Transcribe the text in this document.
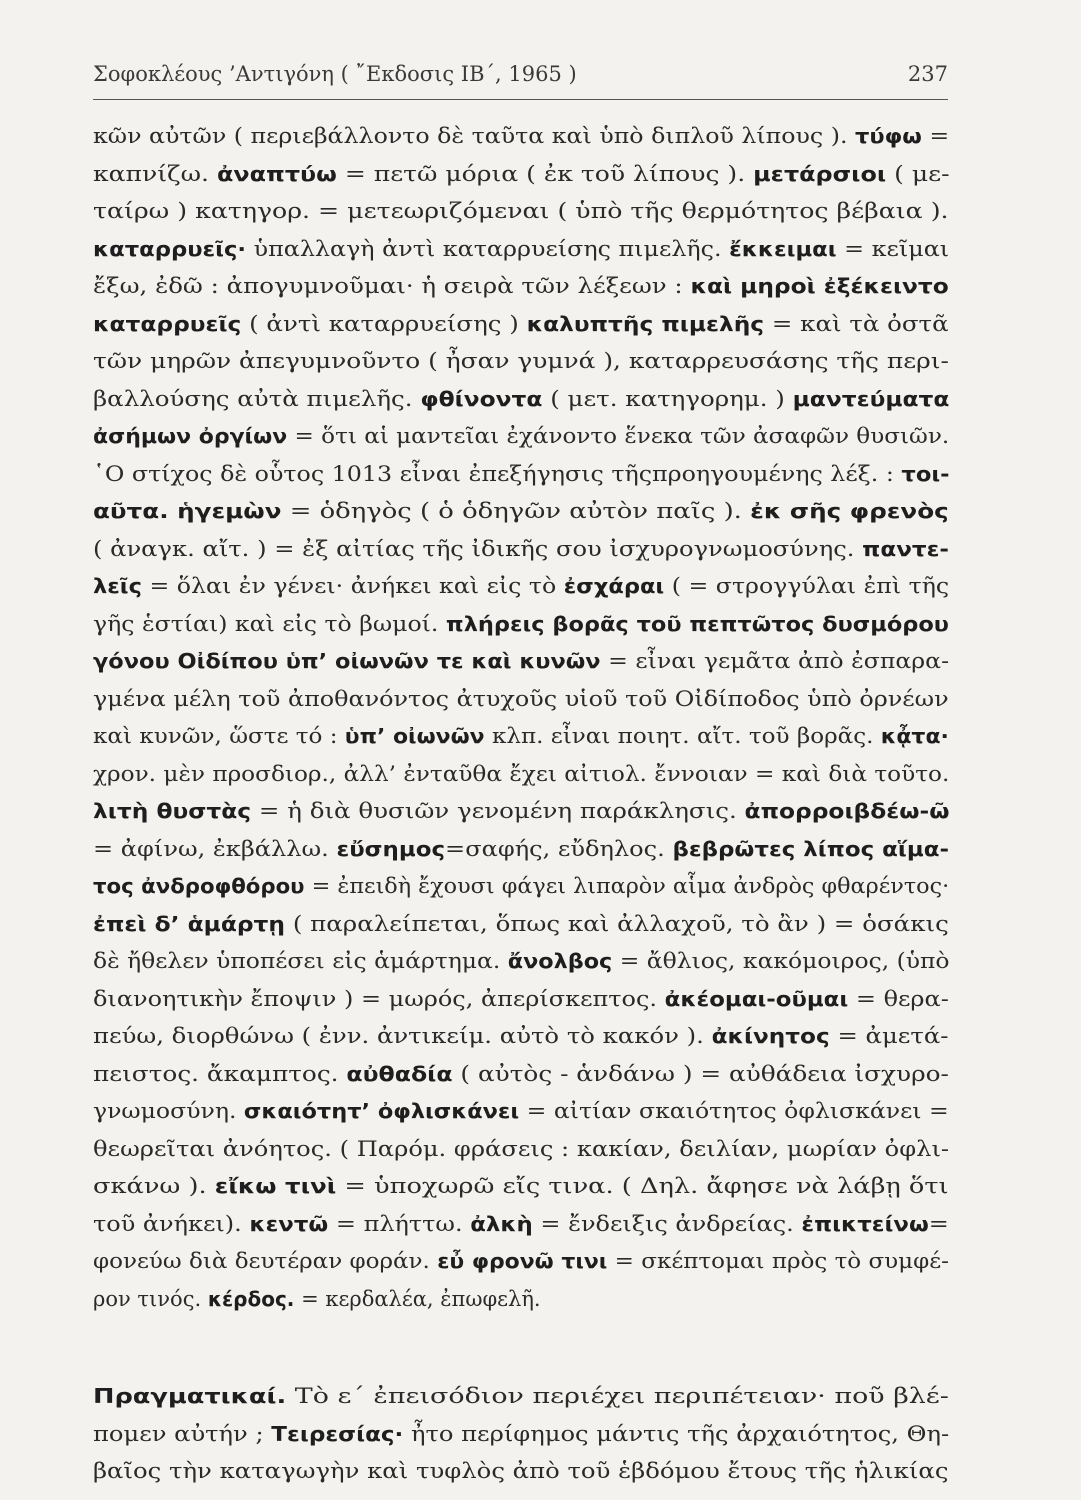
Σοφοκλέους ’Αντιγόνη ( ῎Εκδοσις ΙΒ΄, 1965 )	237
κῶν αὐτῶν ( περιεβάλλοντο δὲ ταῦτα καὶ ὑπὸ διπλοῦ λίπους ). τύφω =
καπνίζω. ἀναπτύω = πετῶ μόρια ( ἐκ τοῦ λίπους ). μετάρσιοι ( με-
ταίρω ) κατηγορ. = μετεωριζόμεναι ( ὑπὸ τῆς θερμότητος βέβαια ).
καταρρυεῖς· ὑπαλλαγὴ ἀντὶ καταρρυείσης πιμελῆς. ἔκκειμαι = κεῖμαι
ἔξω, ἐδῶ : ἀπογυμνοῦμαι· ἡ σειρὰ τῶν λέξεων : καὶ μηροὶ ἐξέκειντο
καταρρυεῖς ( ἀντὶ καταρρυείσης ) καλυπτῆς πιμελῆς = καὶ τὰ ὀστᾶ
τῶν μηρῶν ἀπεγυμνοῦντο ( ἦσαν γυμνά ), καταρρευσάσης τῆς περι-
βαλλούσης αὐτὰ πιμελῆς. φθίνοντα ( μετ. κατηγορημ. ) μαντεύματα
ἀσήμων ὀργίων = ὅτι αἱ μαντεῖαι ἐχάνοντο ἕνεκα τῶν ἀσαφῶν θυσιῶν.
῾Ο στίχος δὲ οὗτος 1013 εἶναι ἐπεξήγησις τῆςπροηγουμένης λέξ. : τοι-
αῦτα. ἡγεμὼν = ὁδηγὸς ( ὁ ὁδηγῶν αὐτὸν παῖς ). ἐκ σῆς φρενὸς
( ἀναγκ. αἴτ. ) = ἐξ αἰτίας τῆς ἰδικῆς σου ἰσχυρογνωμοσύνης. παντε-
λεῖς = ὅλαι ἐν γένει· ἀνήκει καὶ εἰς τὸ ἐσχάραι ( = στρογγύλαι ἐπὶ τῆς
γῆς ἑστίαι) καὶ εἰς τὸ βωμοί. πλήρεις βορᾶς τοῦ πεπτῶτος δυσμόρου
γόνου Οἰδίπου ὑπ’ οἰωνῶν τε καὶ κυνῶν = εἶναι γεμᾶτα ἀπὸ ἐσπαρα-
γμένα μέλη τοῦ ἀποθανόντος ἀτυχοῦς υἱοῦ τοῦ Οἰδίποδος ὑπὸ ὀρνέων
καὶ κυνῶν, ὥστε τό : ὑπ’ οἰωνῶν κλπ. εἶναι ποιητ. αἴτ. τοῦ βορᾶς. κᾆτα·
χρον. μὲν προσδιορ., ἀλλ’ ἐνταῦθα ἔχει αἰτιολ. ἔννοιαν = καὶ διὰ τοῦτο.
λιτὴ θυστὰς = ἡ διὰ θυσιῶν γενομένη παράκλησις. ἀπορροιβδέω-ῶ
= ἀφίνω, ἐκβάλλω. εὔσημος=σαφής, εὔδηλος. βεβρῶτες λίπος αἵμα-
τος ἀνδροφθόρου = ἐπειδὴ ἔχουσι φάγει λιπαρὸν αἷμα ἀνδρὸς φθαρέντος·
ἐπεὶ δ’ ἁμάρτῃ ( παραλείπεται, ὅπως καὶ ἀλλαχοῦ, τὸ ἂν ) = ὁσάκις
δὲ ἤθελεν ὑποπέσει εἰς ἁμάρτημα. ἄνολβος = ἄθλιος, κακόμοιρος, (ὑπὸ
διανοητικὴν ἔποψιν ) = μωρός, ἀπερίσκεπτος. ἀκέομαι-οῦμαι = θερα-
πεύω, διορθώνω ( ἐνν. ἀντικείμ. αὐτὸ τὸ κακόν ). ἀκίνητος = ἀμετά-
πειστος. ἄκαμπτος. αὐθαδία ( αὐτὸς - ἁνδάνω ) = αὐθάδεια ἰσχυρο-
γνωμοσύνη. σκαιότητ’ ὀφλισκάνει = αἰτίαν σκαιότητος ὀφλισκάνει =
θεωρεῖται ἀνόητος. ( Παρόμ. φράσεις : κακίαν, δειλίαν, μωρίαν ὀφλι-
σκάνω ). εἴκω τινὶ = ὑποχωρῶ εἴς τινα. ( Δηλ. ἄφησε νὰ λάβῃ ὅτι
τοῦ ἀνήκει). κεντῶ = πλήττω. ἀλκὴ = ἔνδειξις ἀνδρείας. ἐπικτείνω=
φονεύω διὰ δευτέραν φοράν. εὖ φρονῶ τινι = σκέπτομαι πρὸς τὸ συμφέ-
ρον τινός. κέρδος. = κερδαλέα, ἐπωφελῆ.
Πραγματικαί. Τὸ ε΄ ἐπεισόδιον περιέχει περιπέτειαν· ποῦ βλέ-
πομεν αὐτήν ; Τειρεσίας· ἦτο περίφημος μάντις τῆς ἀρχαιότητος, Θη-
βαῖος τὴν καταγωγὴν καὶ τυφλὸς ἀπὸ τοῦ ἑβδόμου ἔτους τῆς ἡλικίας
